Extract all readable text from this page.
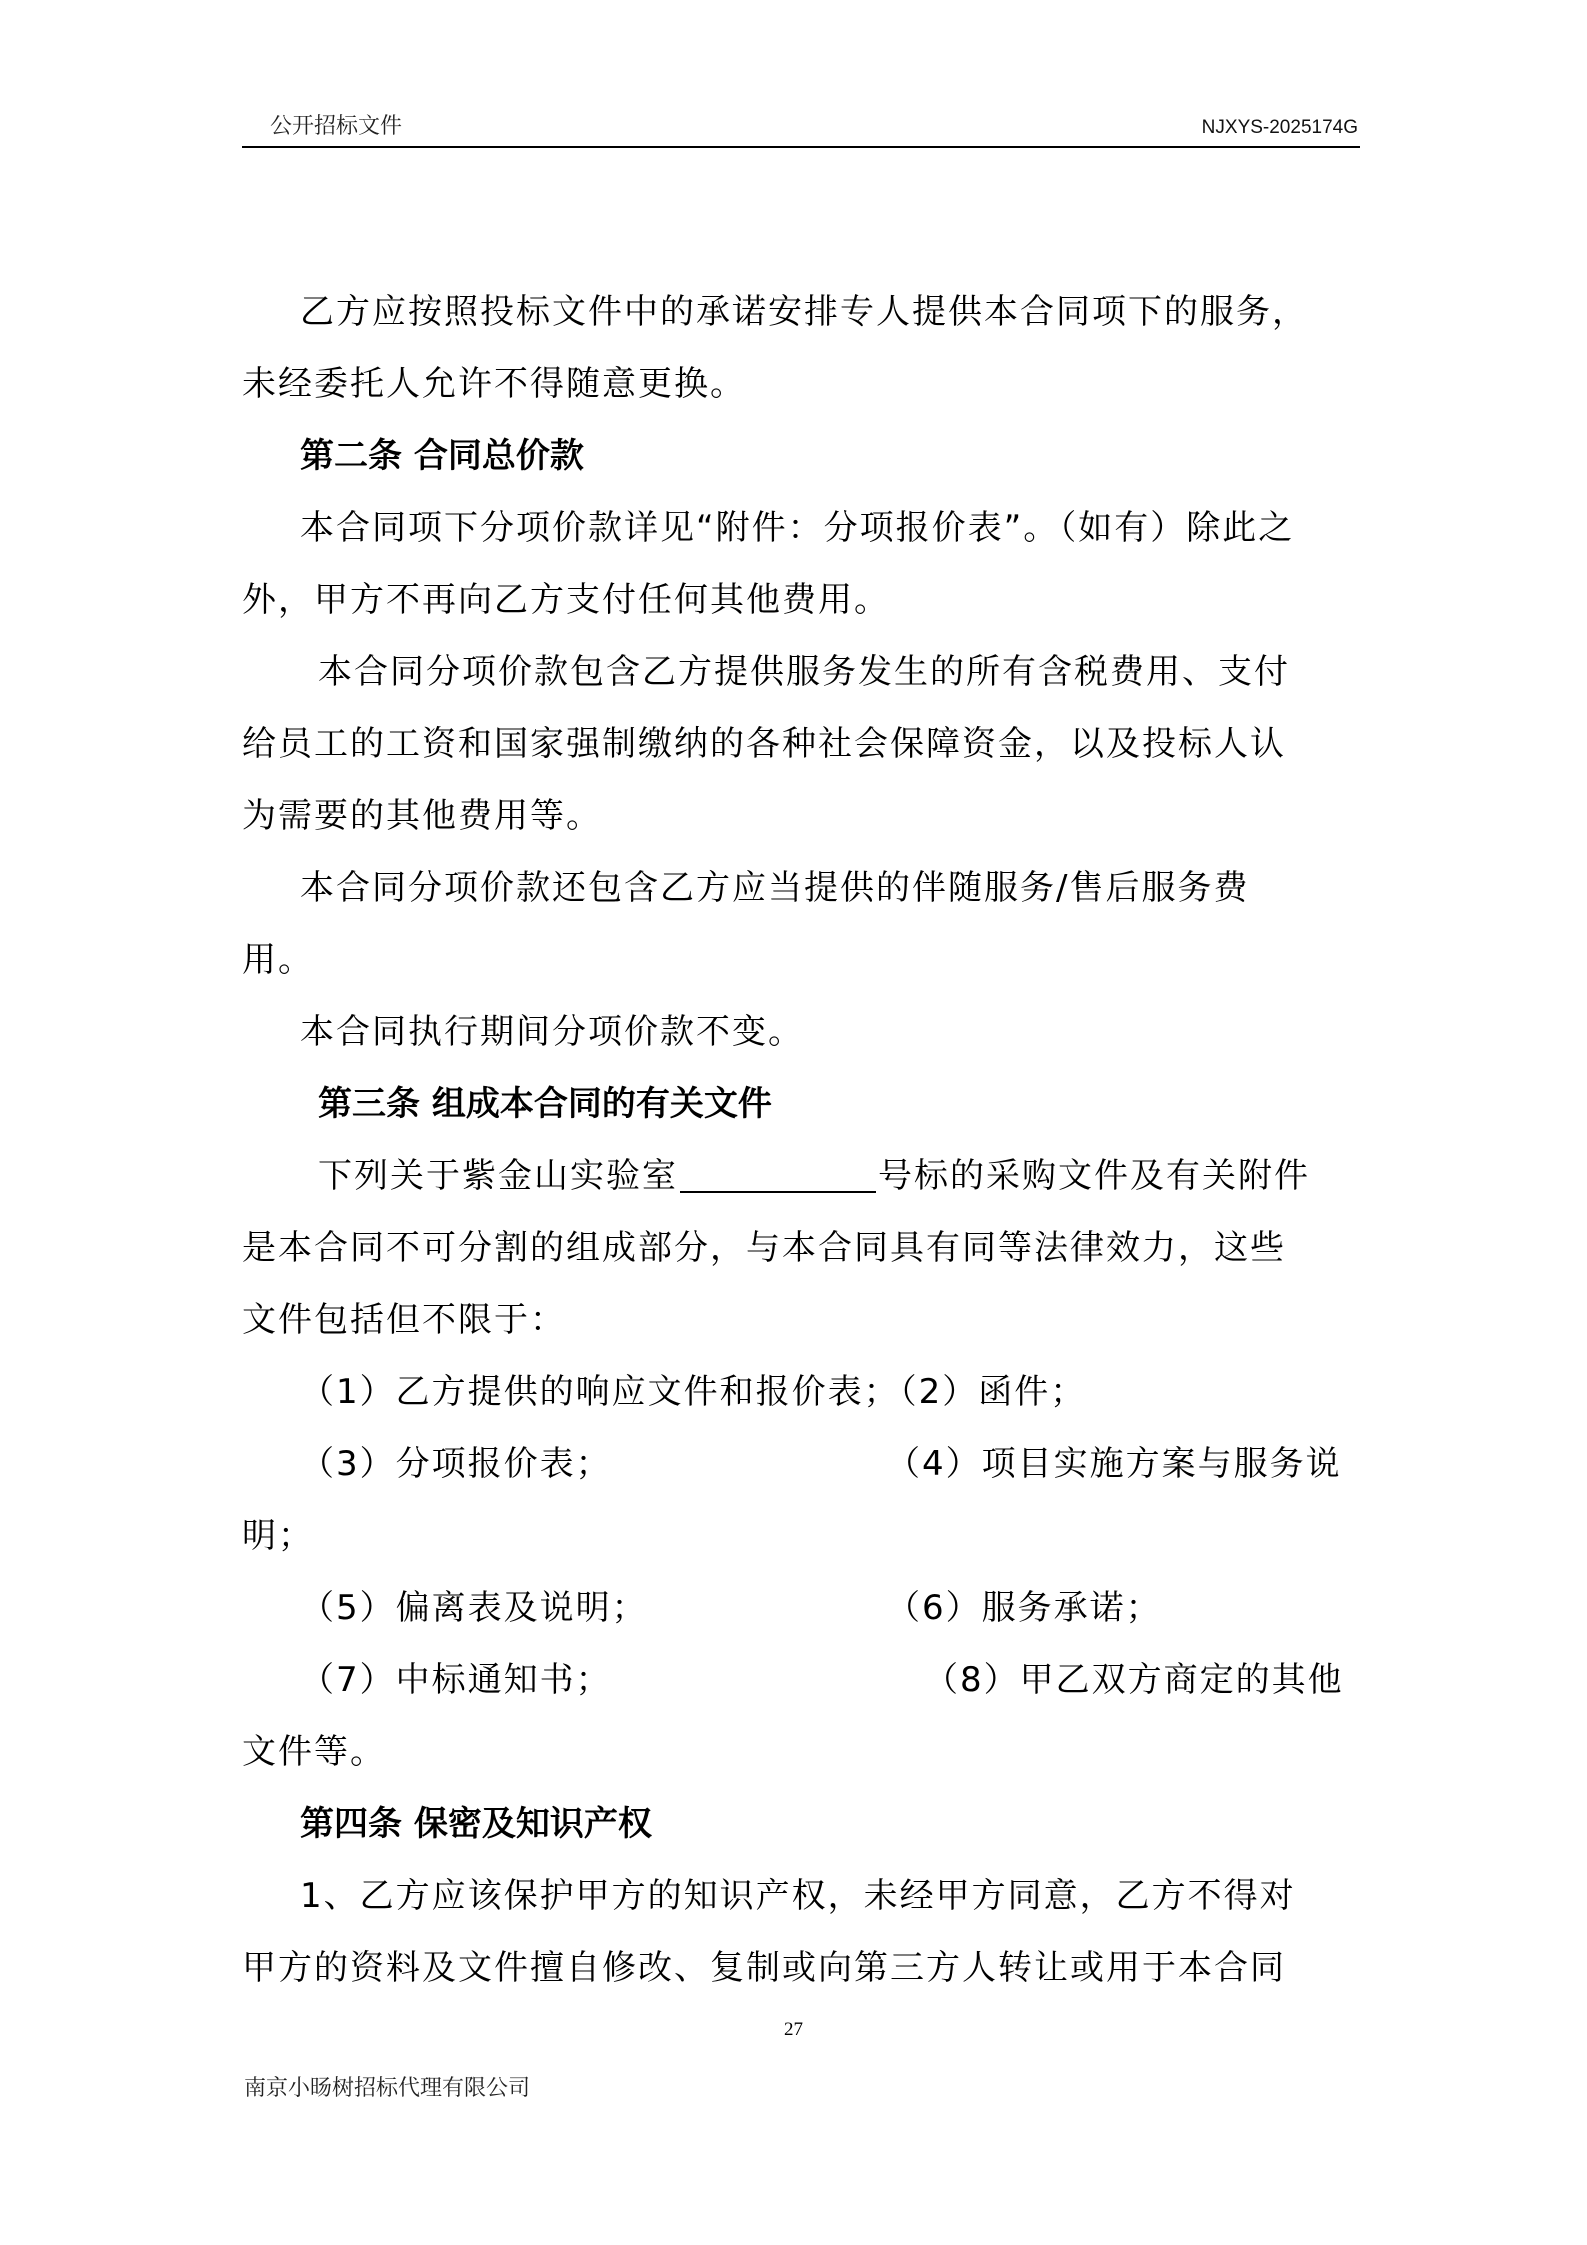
公开招标文件	NJXYS-2025174G
乙方应按照投标文件中的承诺安排专人提供本合同项下的服务，
未经委托人允许不得随意更换。
第二条 合同总价款
本合同项下分项价款详见“附件：分项报价表”。（如有）除此之
外，甲方不再向乙方支付任何其他费用。
本合同分项价款包含乙方提供服务发生的所有含税费用、支付
给员工的工资和国家强制缴纳的各种社会保障资金，以及投标人认
为需要的其他费用等。
本合同分项价款还包含乙方应当提供的伴随服务/售后服务费
用。
本合同执行期间分项价款不变。
第三条 组成本合同的有关文件
下列关于紫金山实验室	号标的采购文件及有关附件
是本合同不可分割的组成部分，与本合同具有同等法律效力，这些
文件包括但不限于：
（1）乙方提供的响应文件和报价表；（2）函件；
（3）分项报价表；	（4）项目实施方案与服务说
明；
（5）偏离表及说明；	（6）服务承诺；
（7）中标通知书；	（8）甲乙双方商定的其他
文件等。
第四条 保密及知识产权
1、乙方应该保护甲方的知识产权，未经甲方同意，乙方不得对
甲方的资料及文件擅自修改、复制或向第三方人转让或用于本合同
27
南京小旸树招标代理有限公司
